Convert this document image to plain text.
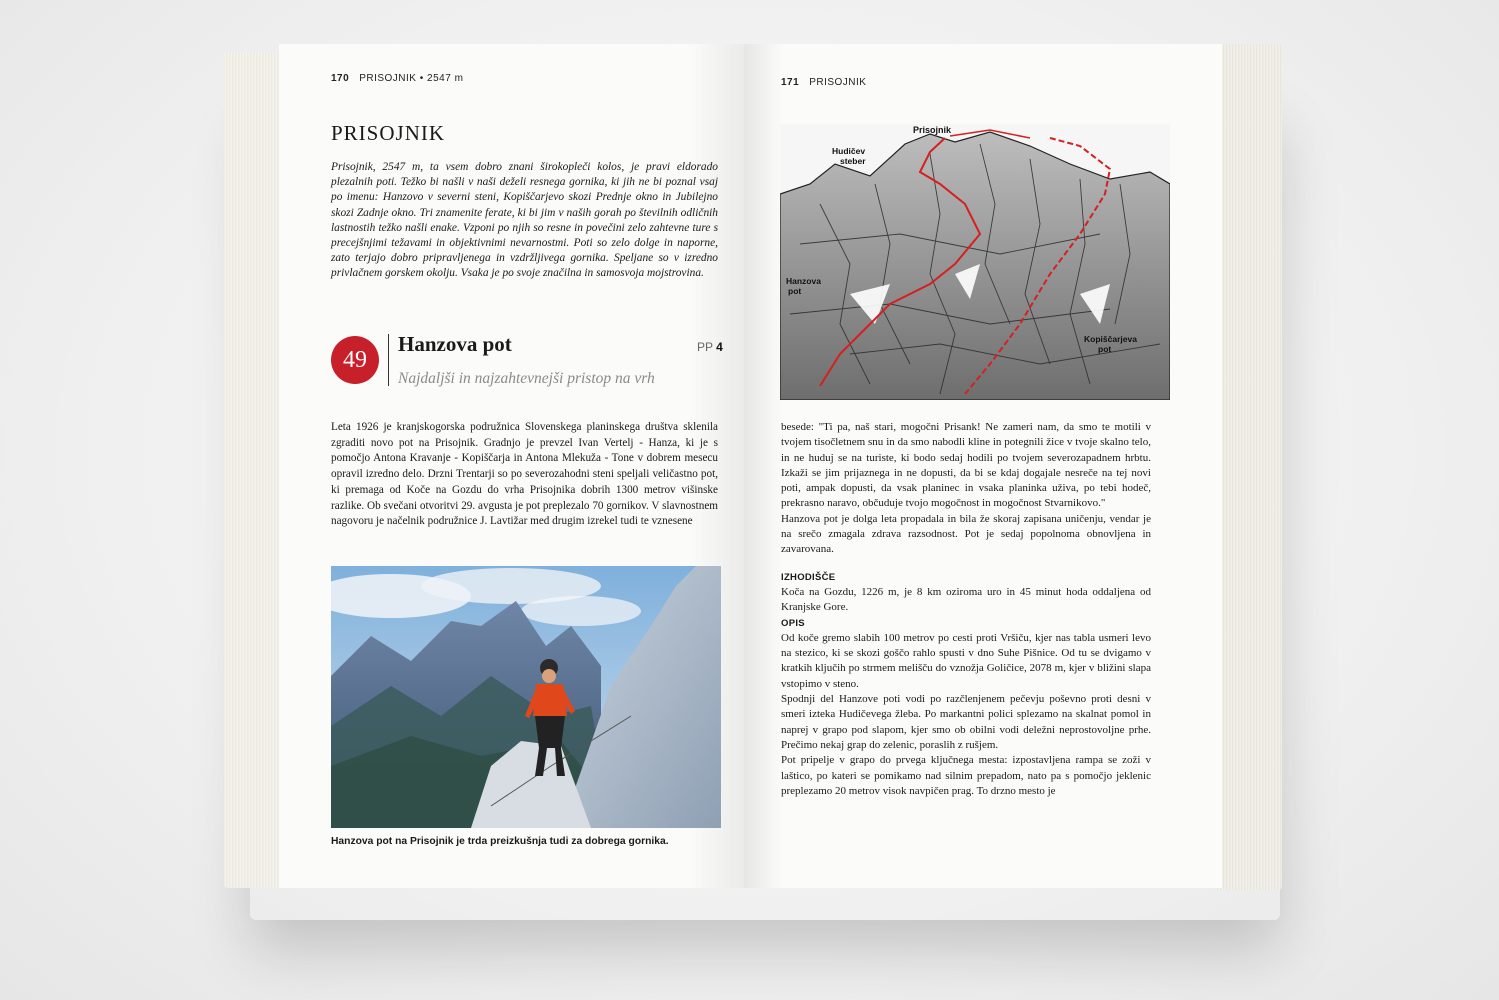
170 PRISOJNIK • 2547 m
PRISOJNIK
Prisojnik, 2547 m, ta vsem dobro znani širokopleči kolos, je pravi eldorado plezalnih poti. Težko bi našli v naši deželi resnega gornika, ki jih ne bi poznal vsaj po imenu: Hanzovo v severni steni, Kopiščarjevo skozi Prednje okno in Jubilejno skozi Zadnje okno. Tri znamenite ferate, ki bi jim v naših gorah po številnih odličnih lastnostih težko našli enake. Vzponi po njih so resne in povečini zelo zahtevne ture s precejšnjimi težavami in objektivnimi nevarnostmi. Poti so zelo dolge in naporne, zato terjajo dobro pripravljenega in vzdržljivega gornika. Speljane so v izredno privlačnem gorskem okolju. Vsaka je po svoje značilna in samosvoja mojstrovina.
49
Hanzova pot	PP 4
Najdaljši in najzahtevnejši pristop na vrh
Leta 1926 je kranjskogorska podružnica Slovenskega planinskega društva sklenila zgraditi novo pot na Prisojnik. Gradnjo je prevzel Ivan Vertelj - Hanza, ki je s pomočjo Antona Kravanje - Kopiščarja in Antona Mlekuža - Tone v dobrem mesecu opravil izredno delo. Drzni Trentarji so po severozahodni steni speljali veličastno pot, ki premaga od Koče na Gozdu do vrha Prisojnika dobrih 1300 metrov višinske razlike. Ob svečani otvoritvi 29. avgusta je pot preplezalo 70 gornikov. V slavnostnem nagovoru je načelnik podružnice J. Lavtižar med drugim izrekel tudi te vznesene
Hanzova pot na Prisojnik je trda preizkušnja tudi za dobrega gornika.
171 PRISOJNIK
Prisojnik
Hudičev
steber
Hanzova
pot
Kopiščarjeva
pot
besede: "Ti pa, naš stari, mogočni Prisank! Ne zameri nam, da smo te motili v tvojem tisočletnem snu in da smo nabodli kline in potegnili žice v tvoje skalno telo, in ne huduj se na turiste, ki bodo sedaj hodili po tvojem severozapadnem hrbtu. Izkaži se jim prijaznega in ne dopusti, da bi se kdaj dogajale nesreče na tej novi poti, ampak dopusti, da vsak planinec in vsaka planinka uživa, po tebi hodeč, prekrasno naravo, občuduje tvojo mogočnost in mogočnost Stvarnikovo."
Hanzova pot je dolga leta propadala in bila že skoraj zapisana uničenju, vendar je na srečo zmagala zdrava razsodnost. Pot je sedaj popolnoma obnovljena in zavarovana.
IZHODIŠČE
Koča na Gozdu, 1226 m, je 8 km oziroma uro in 45 minut hoda oddaljena od Kranjske Gore.
OPIS
Od koče gremo slabih 100 metrov po cesti proti Vršiču, kjer nas tabla usmeri levo na stezico, ki se skozi goščo rahlo spusti v dno Suhe Pišnice. Od tu se dvigamo v kratkih ključih po strmem melišču do vznožja Goličice, 2078 m, kjer v bližini slapa vstopimo v steno.
Spodnji del Hanzove poti vodi po razčlenjenem pečevju poševno proti desni v smeri izteka Hudičevega žleba. Po markantni polici splezamo na skalnat pomol in naprej v grapo pod slapom, kjer smo ob obilni vodi deležni neprostovoljne prhe. Prečimo nekaj grap do zelenic, poraslih z rušjem.
Pot pripelje v grapo do prvega ključnega mesta: izpostavljena rampa se zoži v laštico, po kateri se pomikamo nad silnim prepadom, nato pa s pomočjo jeklenic preplezamo 20 metrov visok navpičen prag. To drzno mesto je
